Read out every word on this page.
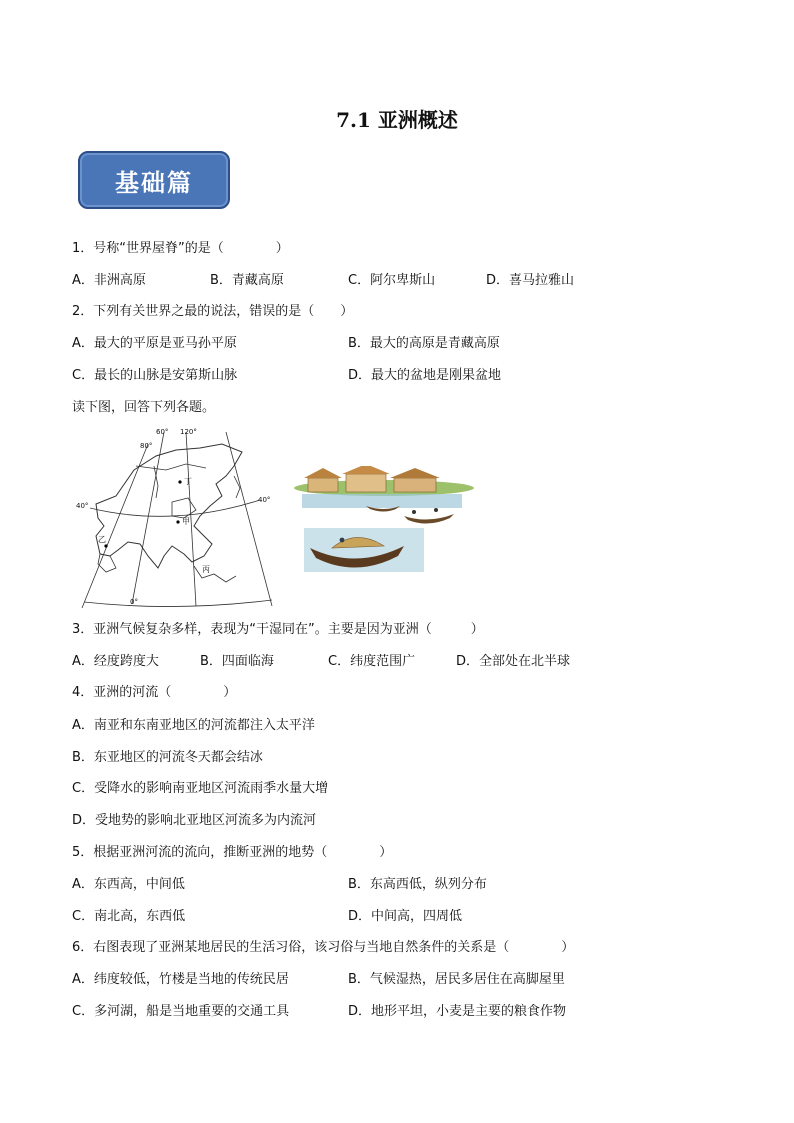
7.1 亚洲概述
基础篇
1．号称“世界屋脊”的是（　　　　）
A．非洲高原	B．青藏高原	C．阿尔卑斯山	D．喜马拉雅山
2．下列有关世界之最的说法，错误的是（　　）
A．最大的平原是亚马孙平原	B．最大的高原是青藏高原
C．最长的山脉是安第斯山脉	D．最大的盆地是刚果盆地
读下图，回答下列各题。
60° 120°
80°
40°
40°
0°
丁
甲
乙
丙
3．亚洲气候复杂多样，表现为“干湿同在”。主要是因为亚洲（　　　）
A．经度跨度大	B．四面临海	C．纬度范围广	D．全部处在北半球
4．亚洲的河流（　　　　）
A．南亚和东南亚地区的河流都注入太平洋
B．东亚地区的河流冬天都会结冰
C．受降水的影响南亚地区河流雨季水量大增
D．受地势的影响北亚地区河流多为内流河
5．根据亚洲河流的流向，推断亚洲的地势（　　　　）
A．东西高，中间低	B．东高西低，纵列分布
C．南北高，东西低	D．中间高，四周低
6．右图表现了亚洲某地居民的生活习俗，该习俗与当地自然条件的关系是（　　　　）
A．纬度较低，竹楼是当地的传统民居	B．气候湿热，居民多居住在高脚屋里
C．多河湖，船是当地重要的交通工具	D．地形平坦，小麦是主要的粮食作物
